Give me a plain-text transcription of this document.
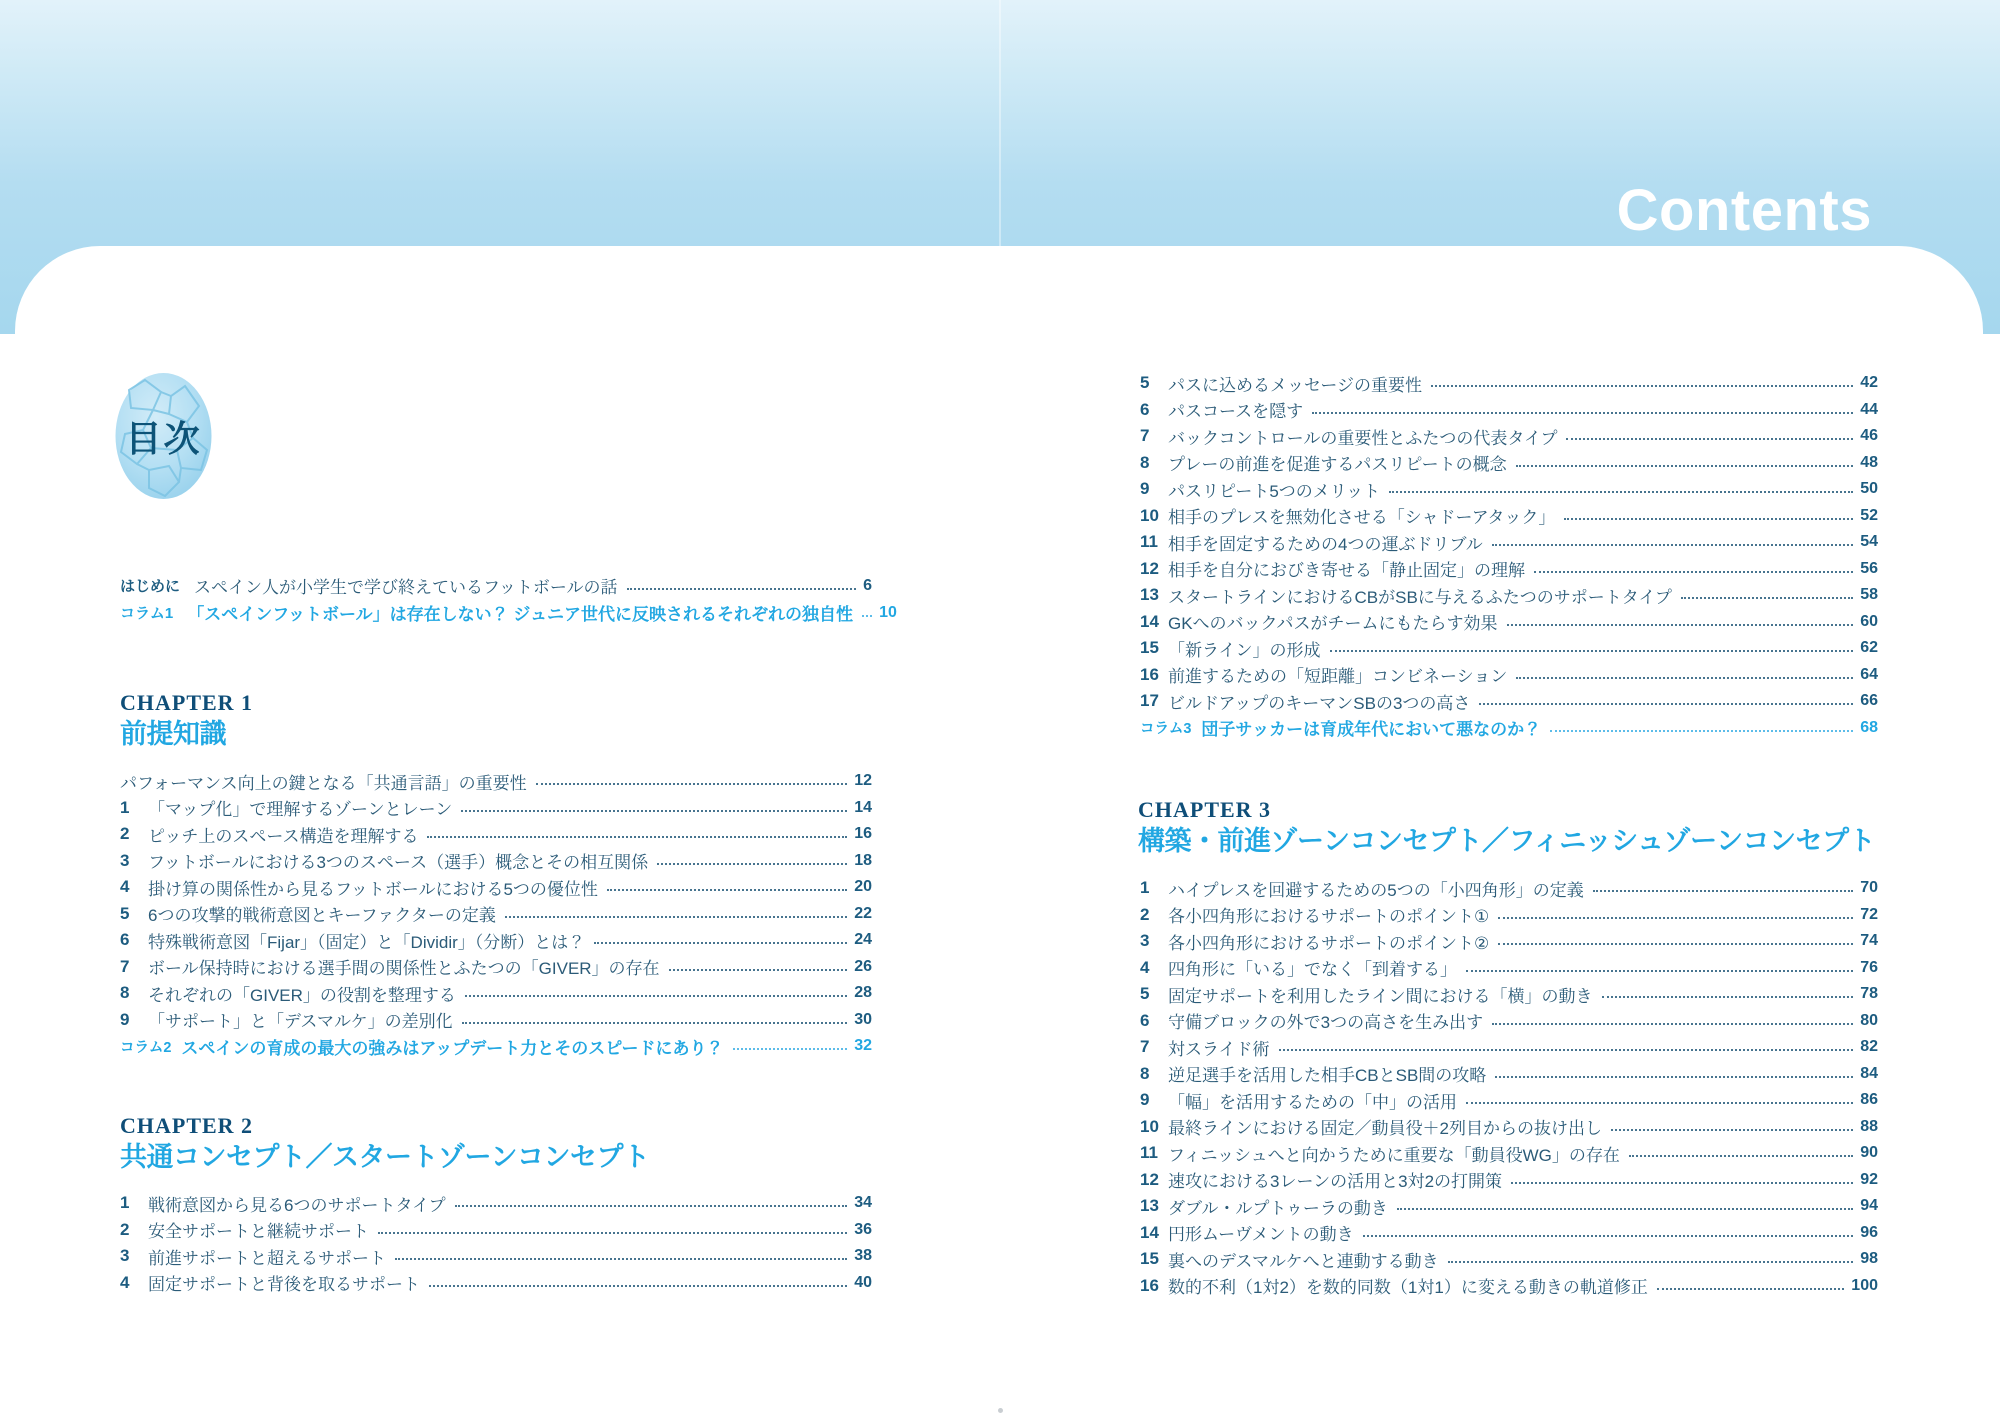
Contents
目次
はじめに スペイン人が小学生で学び終えているフットボールの話	6
コラム1 「スペインフットボール」は存在しない？ ジュニア世代に反映されるそれぞれの独自性 10
CHAPTER 1
前提知識
パフォーマンス向上の鍵となる「共通言語」の重要性	12
1	「マップ化」で理解するゾーンとレーン	14
2	ピッチ上のスペース構造を理解する	16
3	フットボールにおける3つのスペース（選手）概念とその相互関係	18
4	掛け算の関係性から見るフットボールにおける5つの優位性	20
5	6つの攻撃的戦術意図とキーファクターの定義	22
6	特殊戦術意図「Fijar」（固定）と「Dividir」（分断）とは？	24
7	ボール保持時における選手間の関係性とふたつの「GIVER」の存在	26
8	それぞれの「GIVER」の役割を整理する	28
9	「サポート」と「デスマルケ」の差別化	30
コラム2 スペインの育成の最大の強みはアップデート力とそのスピードにあり？	32
CHAPTER 2
共通コンセプト／スタートゾーンコンセプト
1	戦術意図から見る6つのサポートタイプ	34
2	安全サポートと継続サポート	36
3	前進サポートと超えるサポート	38
4	固定サポートと背後を取るサポート	40
5	パスに込めるメッセージの重要性	42
6	パスコースを隠す	44
7	バックコントロールの重要性とふたつの代表タイプ	46
8	プレーの前進を促進するパスリピートの概念	48
9	パスリピート5つのメリット	50
10 相手のプレスを無効化させる「シャドーアタック」	52
11 相手を固定するための4つの運ぶドリブル	54
12 相手を自分におびき寄せる「静止固定」の理解	56
13 スタートラインにおけるCBがSBに与えるふたつのサポートタイプ	58
14 GKへのバックパスがチームにもたらす効果	60
15 「新ライン」の形成	62
16 前進するための「短距離」コンビネーション	64
17 ビルドアップのキーマンSBの3つの高さ	66
コラム3 団子サッカーは育成年代において悪なのか？	68
CHAPTER 3
構築・前進ゾーンコンセプト／フィニッシュゾーンコンセプト
1	ハイプレスを回避するための5つの「小四角形」の定義	70
2	各小四角形におけるサポートのポイント①	72
3	各小四角形におけるサポートのポイント②	74
4	四角形に「いる」でなく「到着する」	76
5	固定サポートを利用したライン間における「横」の動き	78
6	守備ブロックの外で3つの高さを生み出す	80
7	対スライド術	82
8	逆足選手を活用した相手CBとSB間の攻略	84
9	「幅」を活用するための「中」の活用	86
10 最終ラインにおける固定／動員役＋2列目からの抜け出し	88
11 フィニッシュへと向かうために重要な「動員役WG」の存在	90
12 速攻における3レーンの活用と3対2の打開策	92
13 ダブル・ルプトゥーラの動き	94
14 円形ムーヴメントの動き	96
15 裏へのデスマルケへと連動する動き	98
16 数的不利（1対2）を数的同数（1対1）に変える動きの軌道修正	100
